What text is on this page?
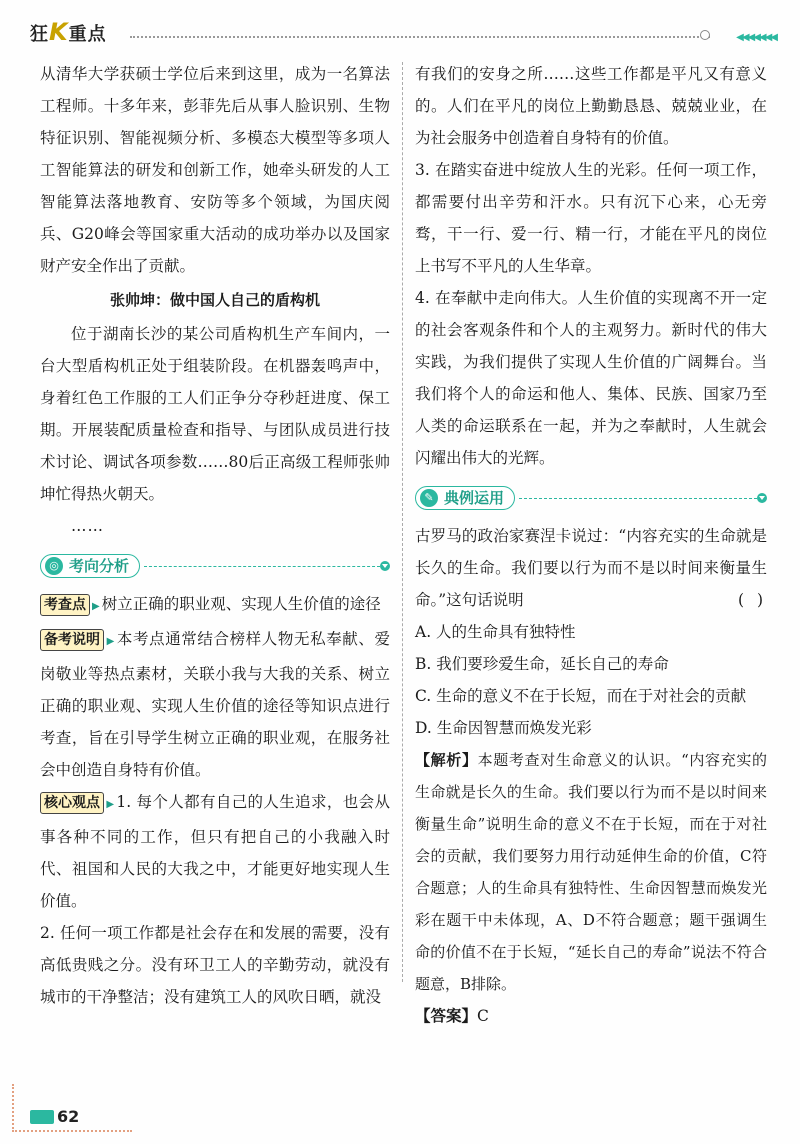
狂K重点	◀◀◀◀◀◀◀

从清华大学获硕士学位后来到这里，成为一名算法工程师。十多年来，彭菲先后从事人脸识别、生物特征识别、智能视频分析、多模态大模型等多项人工智能算法的研发和创新工作，她牵头研发的人工智能算法落地教育、安防等多个领域，为国庆阅兵、G20峰会等国家重大活动的成功举办以及国家财产安全作出了贡献。

张帅坤：做中国人自己的盾构机

位于湖南长沙的某公司盾构机生产车间内，一台大型盾构机正处于组装阶段。在机器轰鸣声中，身着红色工作服的工人们正争分夺秒赶进度、保工期。开展装配质量检查和指导、与团队成员进行技术讨论、调试各项参数……80后正高级工程师张帅坤忙得热火朝天。

……

◎ 考向分析

考查点 ▶ 树立正确的职业观、实现人生价值的途径

备考说明 ▶ 本考点通常结合榜样人物无私奉献、爱岗敬业等热点素材，关联小我与大我的关系、树立正确的职业观、实现人生价值的途径等知识点进行考查，旨在引导学生树立正确的职业观，在服务社会中创造自身特有价值。

核心观点 ▶ 1. 每个人都有自己的人生追求，也会从事各种不同的工作，但只有把自己的小我融入时代、祖国和人民的大我之中，才能更好地实现人生价值。

2. 任何一项工作都是社会存在和发展的需要，没有高低贵贱之分。没有环卫工人的辛勤劳动，就没有城市的干净整洁；没有建筑工人的风吹日晒，就没

有我们的安身之所……这些工作都是平凡又有意义的。人们在平凡的岗位上勤勤恳恳、兢兢业业，在为社会服务中创造着自身特有的价值。

3. 在踏实奋进中绽放人生的光彩。任何一项工作，都需要付出辛劳和汗水。只有沉下心来，心无旁骛，干一行、爱一行、精一行，才能在平凡的岗位上书写不平凡的人生华章。

4. 在奉献中走向伟大。人生价值的实现离不开一定的社会客观条件和个人的主观努力。新时代的伟大实践，为我们提供了实现人生价值的广阔舞台。当我们将个人的命运和他人、集体、民族、国家乃至人类的命运联系在一起，并为之奉献时，人生就会闪耀出伟大的光辉。

✎ 典例运用

古罗马的政治家赛涅卡说过：“内容充实的生命就是长久的生命。我们要以行为而不是以时间来衡量生命。”这句话说明	( )

A. 人的生命具有独特性

B. 我们要珍爱生命，延长自己的寿命

C. 生命的意义不在于长短，而在于对社会的贡献

D. 生命因智慧而焕发光彩

【解析】本题考查对生命意义的认识。“内容充实的生命就是长久的生命。我们要以行为而不是以时间来衡量生命”说明生命的意义不在于长短，而在于对社会的贡献，我们要努力用行动延伸生命的价值，C符合题意；人的生命具有独特性、生命因智慧而焕发光彩在题干中未体现，A、D不符合题意；题干强调生命的价值不在于长短，“延长自己的寿命”说法不符合题意，B排除。

【答案】C

62
